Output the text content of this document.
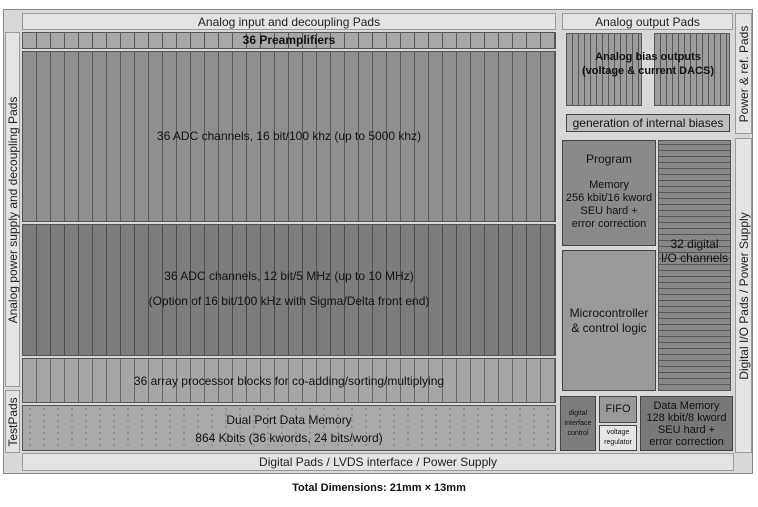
Analog input and decoupling Pads	Analog output Pads
Analog power supply and decoupling Pads
Power & ref. Pads
Digital I/O Pads / Power Supply
TestPads
Digital Pads / LVDS interface / Power Supply
36 Preamplifiers
36 ADC channels, 16 bit/100 khz (up to 5000 khz)
36 ADC channels, 12 bit/5 MHz (up to 10 MHz)
(Option of 16 bit/100 kHz with Sigma/Delta front end)
36 array processor blocks for co-adding/sorting/multiplying
Dual Port Data Memory
864 Kbits (36 kwords, 24 bits/word)
Analog bias outputs
(voltage & current DACS)
generation of internal biases
Program
Memory
256 kbit/16 kword
SEU hard +
error correction
32 digital
I/O channels
Microcontroller
& control logic
digital
interface
control
FIFO
voltage
regulator
Data Memory
128 kbit/8 kword
SEU hard +
error correction
Total Dimensions: 21mm × 13mm
